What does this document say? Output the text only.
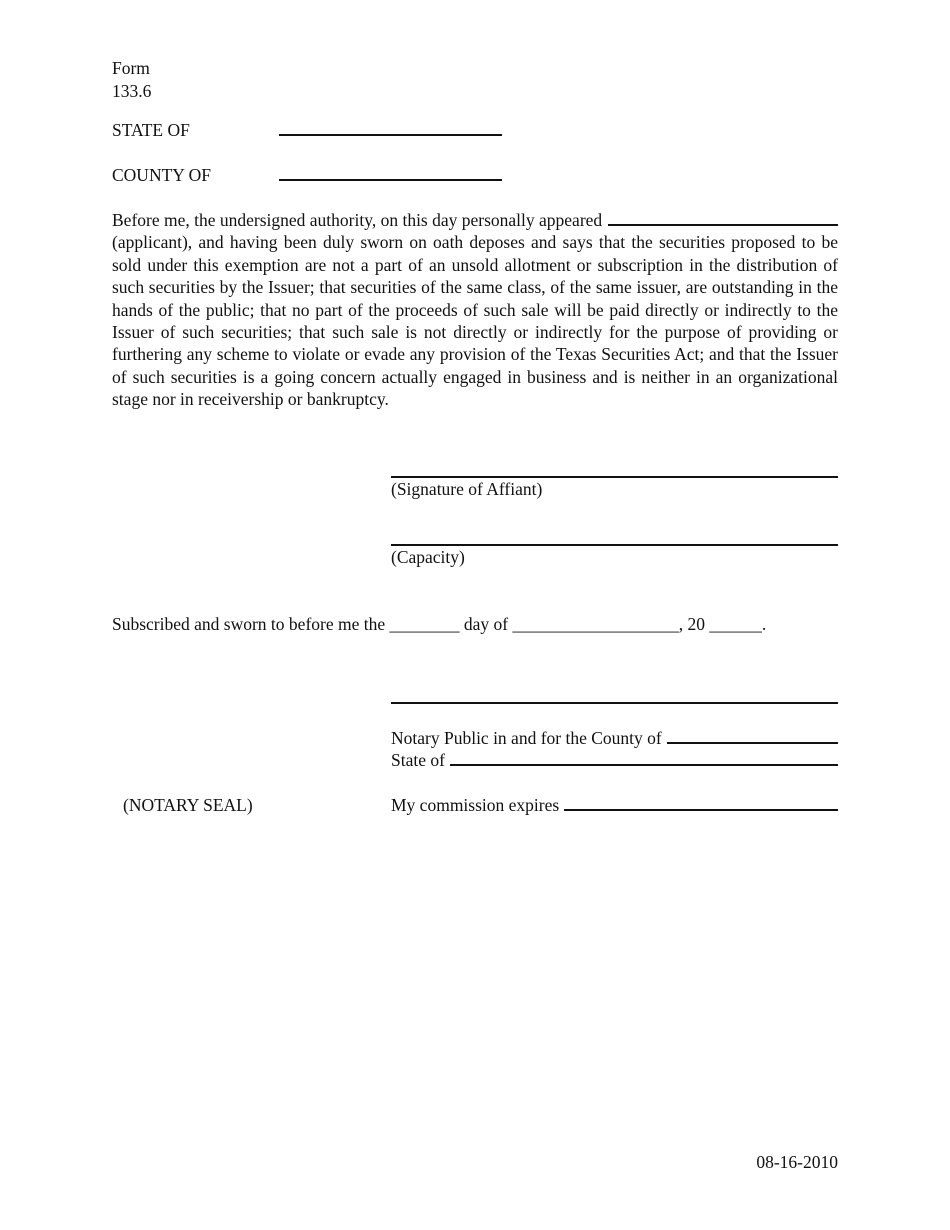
Form
133.6
STATE OF
COUNTY OF
Before me, the undersigned authority, on this day personally appeared
(applicant), and having been duly sworn on oath deposes and says that the securities proposed to be sold under this exemption are not a part of an unsold allotment or subscription in the distribution of such securities by the Issuer; that securities of the same class, of the same issuer, are outstanding in the hands of the public; that no part of the proceeds of such sale will be paid directly or indirectly to the Issuer of such securities; that such sale is not directly or indirectly for the purpose of providing or furthering any scheme to violate or evade any provision of the Texas Securities Act; and that the Issuer of such securities is a going concern actually engaged in business and is neither in an organizational stage nor in receivership or bankruptcy.
(Signature of Affiant)
(Capacity)
Subscribed and sworn to before me the ________ day of ___________________, 20 ______.
Notary Public in and for the County of
State of
(NOTARY SEAL)	My commission expires
08-16-2010
